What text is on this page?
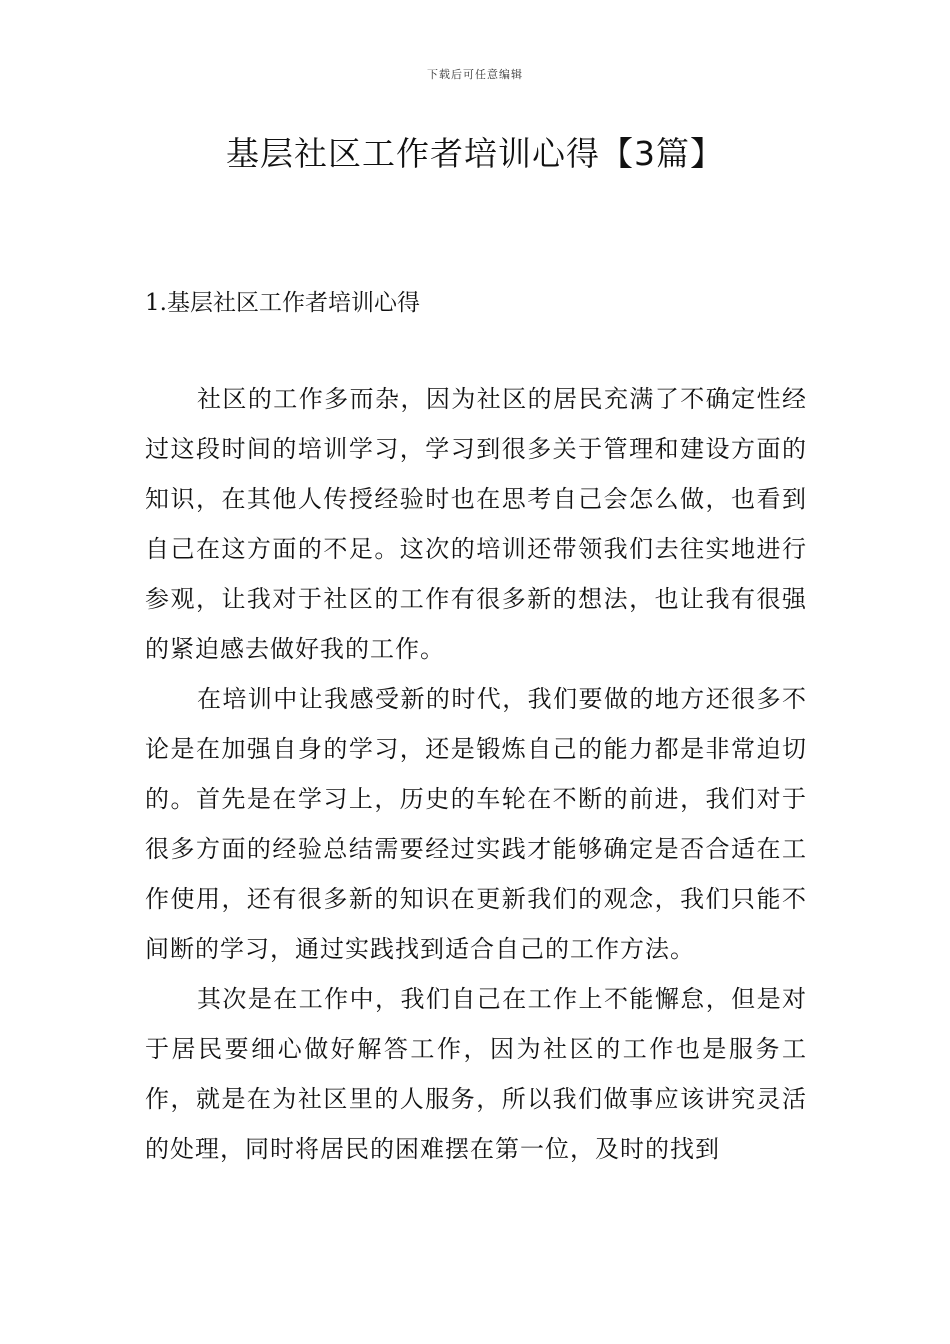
下载后可任意编辑
基层社区工作者培训心得【3篇】
1.基层社区工作者培训心得

社区的工作多而杂，因为社区的居民充满了不确定性经过这段时间的培训学习，学习到很多关于管理和建设方面的知识，在其他人传授经验时也在思考自己会怎么做，也看到自己在这方面的不足。这次的培训还带领我们去往实地进行参观，让我对于社区的工作有很多新的想法，也让我有很强的紧迫感去做好我的工作。

在培训中让我感受新的时代，我们要做的地方还很多不论是在加强自身的学习，还是锻炼自己的能力都是非常迫切的。首先是在学习上，历史的车轮在不断的前进，我们对于很多方面的经验总结需要经过实践才能够确定是否合适在工作使用，还有很多新的知识在更新我们的观念，我们只能不间断的学习，通过实践找到适合自己的工作方法。

其次是在工作中，我们自己在工作上不能懈怠，但是对于居民要细心做好解答工作，因为社区的工作也是服务工作，就是在为社区里的人服务，所以我们做事应该讲究灵活的处理，同时将居民的困难摆在第一位，及时的找到
